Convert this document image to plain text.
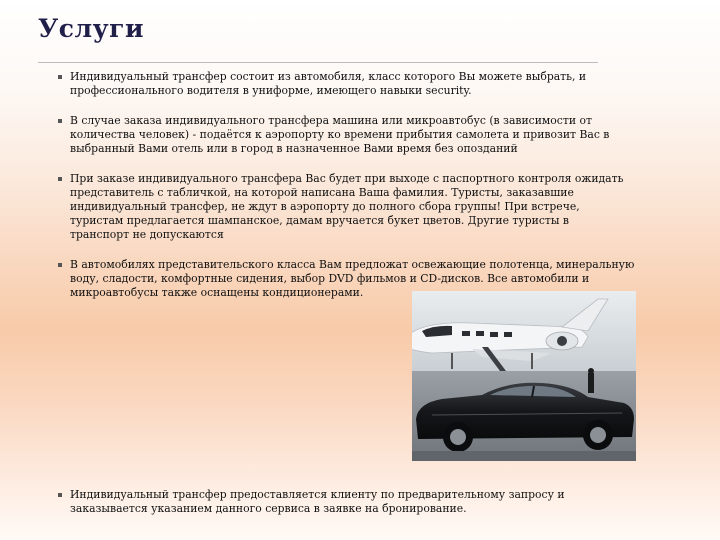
Услуги
Индивидуальный трансфер состоит из автомобиля, класс которого Вы можете выбрать, и профессионального водителя в униформе, имеющего навыки security.
В случае заказа индивидуального трансфера машина или микроавтобус (в зависимости от количества человек) - подаётся к аэропорту ко времени прибытия самолета и привозит Вас в выбранный Вами отель или в город в назначенное Вами время без опозданий
При заказе индивидуального трансфера Вас будет при выходе с паспортного контроля ожидать представитель с табличкой, на которой написана Ваша фамилия. Туристы, заказавшие индивидуальный трансфер, не ждут в аэропорту до полного сбора группы! При встрече, туристам предлагается шампанское, дамам вручается букет цветов. Другие туристы в транспорт не допускаются
В автомобилях представительского класса Вам предложат освежающие полотенца, минеральную воду, сладости, комфортные сидения, выбор DVD фильмов и CD-дисков. Все автомобили и микроавтобусы также оснащены кондиционерами.
Индивидуальный трансфер предоставляется клиенту по предварительному запросу и заказывается указанием данного сервиса в заявке на бронирование.
